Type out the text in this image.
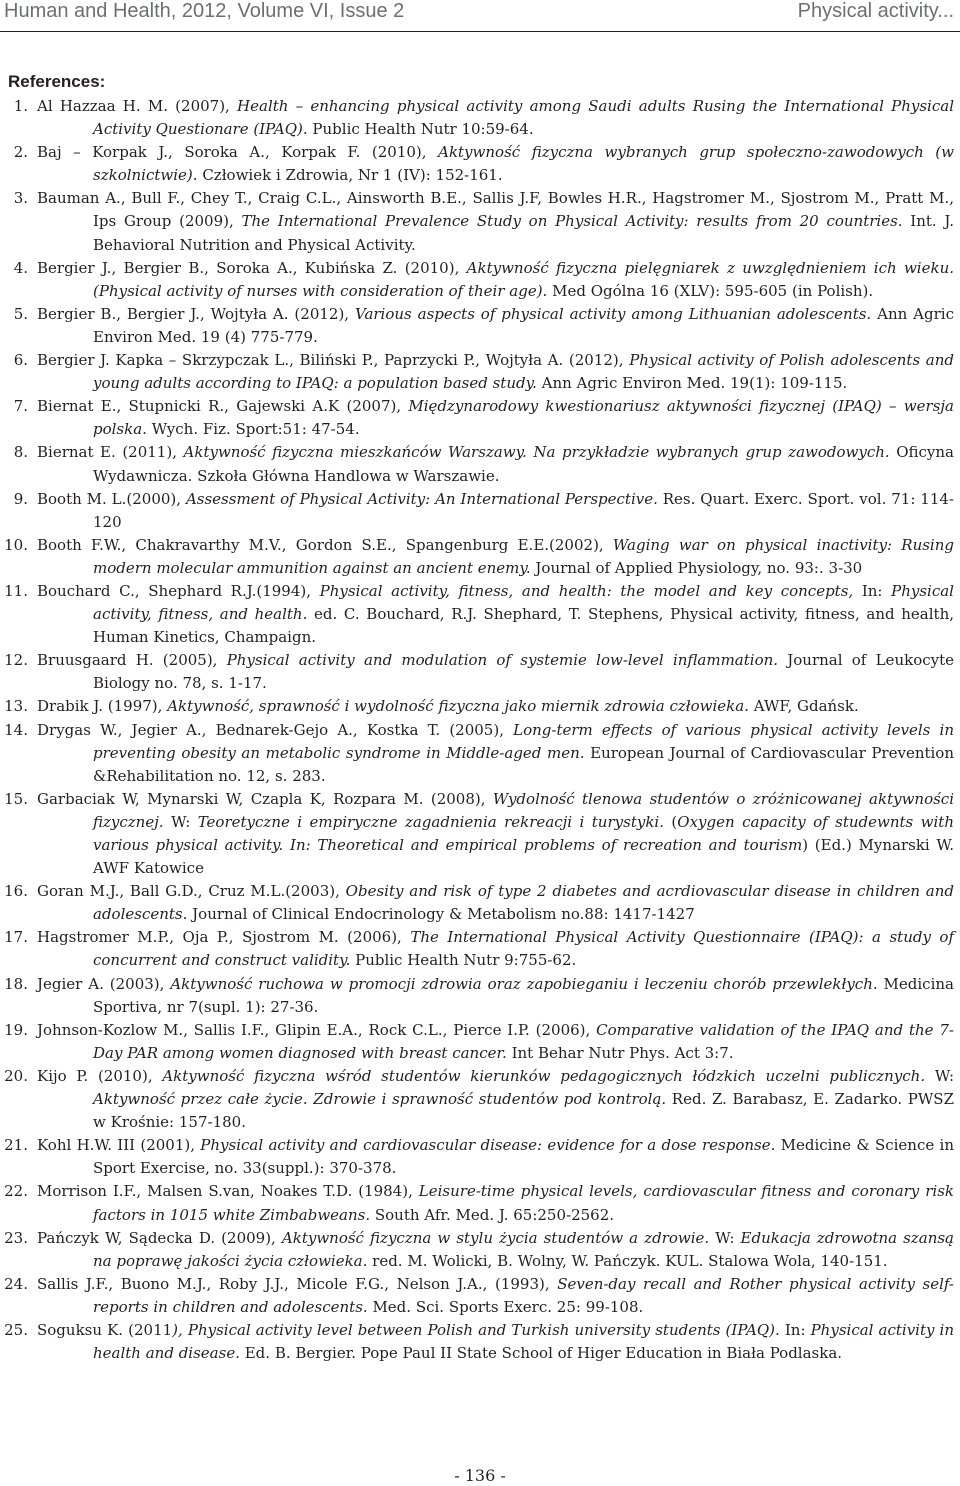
Human and Health, 2012, Volume VI, Issue 2	Physical activity...
References:
1. Al Hazzaa H. M. (2007), Health – enhancing physical activity among Saudi adults Rusing the International Physical Activity Questionare (IPAQ). Public Health Nutr 10:59-64.
2. Baj – Korpak J., Soroka A., Korpak F. (2010), Aktywność fizyczna wybranych grup społeczno-zawodowych (w szkolnictwie). Człowiek i Zdrowia, Nr 1 (IV): 152-161.
3. Bauman A., Bull F., Chey T., Craig C.L., Ainsworth B.E., Sallis J.F, Bowles H.R., Hagstromer M., Sjostrom M., Pratt M., Ips Group (2009), The International Prevalence Study on Physical Activity: results from 20 countries. Int. J. Behavioral Nutrition and Physical Activity.
4. Bergier J., Bergier B., Soroka A., Kubińska Z. (2010), Aktywność fizyczna pielęgniarek z uwzględnieniem ich wieku. (Physical activity of nurses with consideration of their age). Med Ogólna 16 (XLV): 595-605 (in Polish).
5. Bergier B., Bergier J., Wojtyła A. (2012), Various aspects of physical activity among Lithuanian adolescents. Ann Agric Environ Med. 19 (4) 775-779.
6. Bergier J. Kapka – Skrzypczak L., Biliński P., Paprzycki P., Wojtyła A. (2012), Physical activity of Polish adolescents and young adults according to IPAQ: a population based study. Ann Agric Environ Med. 19(1): 109-115.
7. Biernat E., Stupnicki R., Gajewski A.K (2007), Międzynarodowy kwestionariusz aktywności fizycznej (IPAQ) – wersja polska. Wych. Fiz. Sport:51: 47-54.
8. Biernat E. (2011), Aktywność fizyczna mieszkańców Warszawy. Na przykładzie wybranych grup zawodowych. Oficyna Wydawnicza. Szkoła Główna Handlowa w Warszawie.
9. Booth M. L.(2000), Assessment of Physical Activity: An International Perspective. Res. Quart. Exerc. Sport. vol. 71: 114-120
10. Booth F.W., Chakravarthy M.V., Gordon S.E., Spangenburg E.E.(2002), Waging war on physical inactivity: Rusing modern molecular ammunition against an ancient enemy. Journal of Applied Physiology, no. 93:. 3-30
11. Bouchard C., Shephard R.J.(1994), Physical activity, fitness, and health: the model and key concepts, In: Physical activity, fitness, and health. ed. C. Bouchard, R.J. Shephard, T. Stephens, Physical activity, fitness, and health, Human Kinetics, Champaign.
12. Bruusgaard H. (2005), Physical activity and modulation of systemie low-level inflammation. Journal of Leukocyte Biology no. 78, s. 1-17.
13. Drabik J. (1997), Aktywność, sprawność i wydolność fizyczna jako miernik zdrowia człowieka. AWF, Gdańsk.
14. Drygas W., Jegier A., Bednarek-Gejo A., Kostka T. (2005), Long-term effects of various physical activity levels in preventing obesity an metabolic syndrome in Middle-aged men. European Journal of Cardiovascular Prevention &Rehabilitation no. 12, s. 283.
15. Garbaciak W, Mynarski W, Czapla K, Rozpara M. (2008), Wydolność tlenowa studentów o zróżnicowanej aktywności fizycznej. W: Teoretyczne i empiryczne zagadnienia rekreacji i turystyki. (Oxygen capacity of studewnts with various physical activity. In: Theoretical and empirical problems of recreation and tourism) (Ed.) Mynarski W. AWF Katowice
16. Goran M.J., Ball G.D., Cruz M.L.(2003), Obesity and risk of type 2 diabetes and acrdiovascular disease in children and adolescents. Journal of Clinical Endocrinology & Metabolism no.88: 1417-1427
17. Hagstromer M.P., Oja P., Sjostrom M. (2006), The International Physical Activity Questionnaire (IPAQ): a study of concurrent and construct validity. Public Health Nutr 9:755-62.
18. Jegier A. (2003), Aktywność ruchowa w promocji zdrowia oraz zapobieganiu i leczeniu chorób przewlekłych. Medicina Sportiva, nr 7(supl. 1): 27-36.
19. Johnson-Kozlow M., Sallis I.F., Glipin E.A., Rock C.L., Pierce I.P. (2006), Comparative validation of the IPAQ and the 7-Day PAR among women diagnosed with breast cancer. Int Behar Nutr Phys. Act 3:7.
20. Kijo P. (2010), Aktywność fizyczna wśród studentów kierunków pedagogicznych łódzkich uczelni publicznych. W: Aktywność przez całe życie. Zdrowie i sprawność studentów pod kontrolą. Red. Z. Barabasz, E. Zadarko. PWSZ w Krośnie: 157-180.
21. Kohl H.W. III (2001), Physical activity and cardiovascular disease: evidence for a dose response. Medicine & Science in Sport Exercise, no. 33(suppl.): 370-378.
22. Morrison I.F., Malsen S.van, Noakes T.D. (1984), Leisure-time physical levels, cardiovascular fitness and coronary risk factors in 1015 white Zimbabweans. South Afr. Med. J. 65:250-2562.
23. Pańczyk W, Sądecka D. (2009), Aktywność fizyczna w stylu życia studentów a zdrowie. W: Edukacja zdrowotna szansą na poprawę jakości życia człowieka. red. M. Wolicki, B. Wolny, W. Pańczyk. KUL. Stalowa Wola, 140-151.
24. Sallis J.F., Buono M.J., Roby J.J., Micole F.G., Nelson J.A., (1993), Seven-day recall and Rother physical activity self-reports in children and adolescents. Med. Sci. Sports Exerc. 25: 99-108.
25. Soguksu K. (2011), Physical activity level between Polish and Turkish university students (IPAQ). In: Physical activity in health and disease. Ed. B. Bergier. Pope Paul II State School of Higer Education in Biała Podlaska.
- 136 -
